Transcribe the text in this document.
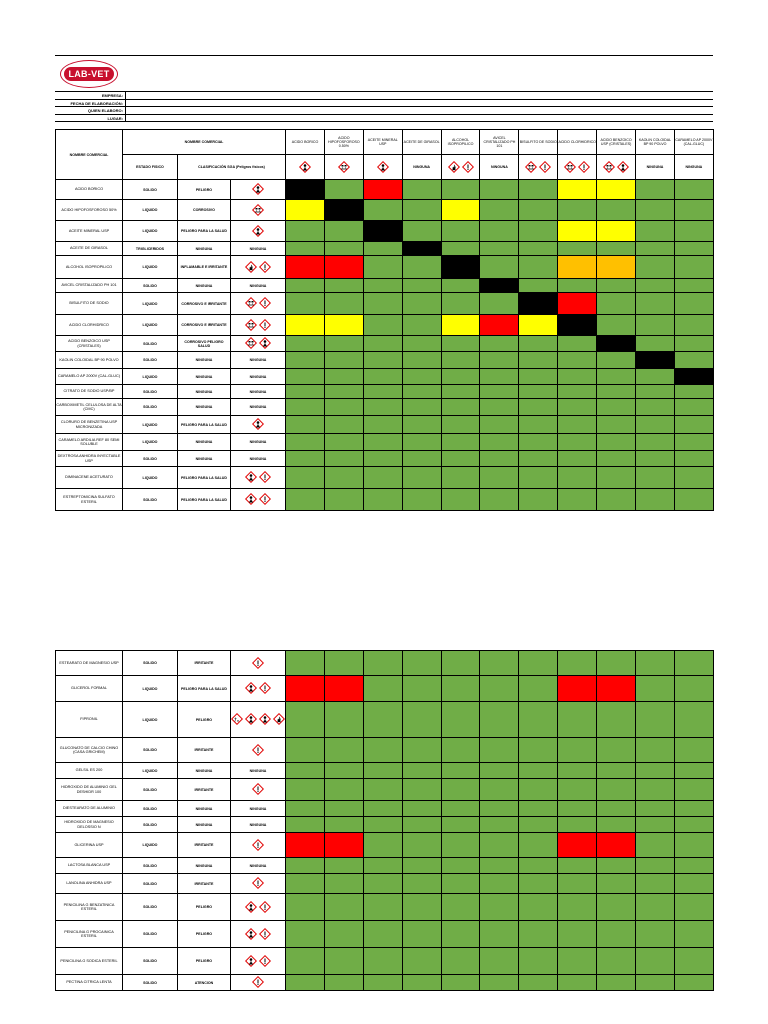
LAB-VET
EMPRESA:
FECHA DE ELABORACIÓN:
QUIEN ELABORO:
LUGAR:
NOMBRE COMERCIAL	NOMBRE COMERCIAL			ACIDO BORICO	ACIDO HIPOFOSFOROSO 0.50%	ACEITE MINERAL USP	ACEITE DE GIRASOL	ALCOHOL ISOPROPILICO	AVICEL CRISTALIZADO PH 101	BISULFITO DE SODIO	ACIDO CLORHIDRICO	ACIDO BENZOICO USP (CRISTALES)	KAOLIN COLOIDAL BP 90 POLVO	CARAMELO AP 2000V (CAL-GLUC)
	ESTADO FISICO	CLASIFICACIÓN SGA (Peligros físicos)					NINGUNA		NINGUNA				NINGUNA	NINGUNA
ACIDO BORICO	SOLIDO	PELIGRO	

ACIDO HIPOFOSFOROSO 50%	LIQUIDO	CORROSIVO	

ACEITE MINERAL USP	LIQUIDO	PELIGRO PARA LA SALUD	

ACEITE DE GIRASOL	TRIGLICERIDOS	NINGUNA	NINGUNA											
ALCOHOL ISOPROPILICO	LIQUIDO	INFLAMABLE E IRRITANTE	

AVICEL CRISTALIZADO PH 101	SOLIDO	NINGUNA	NINGUNA											
BISULFITO DE SODIO	LIQUIDO	CORROSIVO E IRRITANTE	

ACIDO CLORHIDRICO	LIQUIDO	CORROSIVO E IRRITANTE	

ACIDO BENZOICO USP (CRISTALES)	SOLIDO	CORROSIVO PELIGRO SALUD	

KAOLIN COLOIDAL BP 90 POLVO	SOLIDO	NINGUNA	NINGUNA											
CARAMELO AP 2000V (CAL-GLUC)	LIQUIDO	NINGUNA	NINGUNA											
CITRATO DE SODIO USP/BP	SOLIDO	NINGUNA	NINGUNA											
CARBOXIMETIL CELULOSA DE ALTA (CMC)	SOLIDO	NINGUNA	NINGUNA											
CLORURO DE BENZETINA USP MICRONIZADA	LIQUIDO	PELIGRO PARA LA SALUD	

CARAMELO ARDILIA REF 80 SEMI SOLUBLE	LIQUIDO	NINGUNA	NINGUNA											
DEXTROSA ANHIDRA INYECTABLE USP	SOLIDO	NINGUNA	NINGUNA											
DIMINACENE ACETURATO	LIQUIDO	PELIGRO PARA LA SALUD	

ESTREPTOMICINA SULFATO ESTERIL	SOLIDO	PELIGRO PARA LA SALUD	

ESTEARATO DE MAGNESIO USP	SOLIDO	IRRITANTE	

GLICEROL FORMAL	LIQUIDO	PELIGRO PARA LA SALUD	

FIPRONIL	LIQUIDO	PELIGRO	

GLUCONATO DE CALCIO CHINO (CASA GRICHEM)	SOLIDO	IRRITANTE	

GELSIL ES 200	LIQUIDO	NINGUNA	NINGUNA											
HIDROXIDO DE ALUMINIO GEL DESHIDR 100	SOLIDO	IRRITANTE	

DIESTEARATO DE ALUMINIO	SOLIDO	NINGUNA	NINGUNA											
HIDROXIDO DE MAGNESIO DELOSSIO N	SOLIDO	NINGUNA	NINGUNA											
GLICERINA USP	LIQUIDO	IRRITANTE	

LACTOSA BLANCA USP	SOLIDO	NINGUNA	NINGUNA											
LANOLINA ANHIDRA USP	SOLIDO	IRRITANTE	

PENICILINA G BENZATINICA ESTERIL	SOLIDO	PELIGRO	

PENICILINA G PROCAINICA ESTERIL	SOLIDO	PELIGRO	

PENICILINA G SODICA ESTERIL	SOLIDO	PELIGRO	

PECTINA CITRICA LENTA	SOLIDO	ATENCION	
